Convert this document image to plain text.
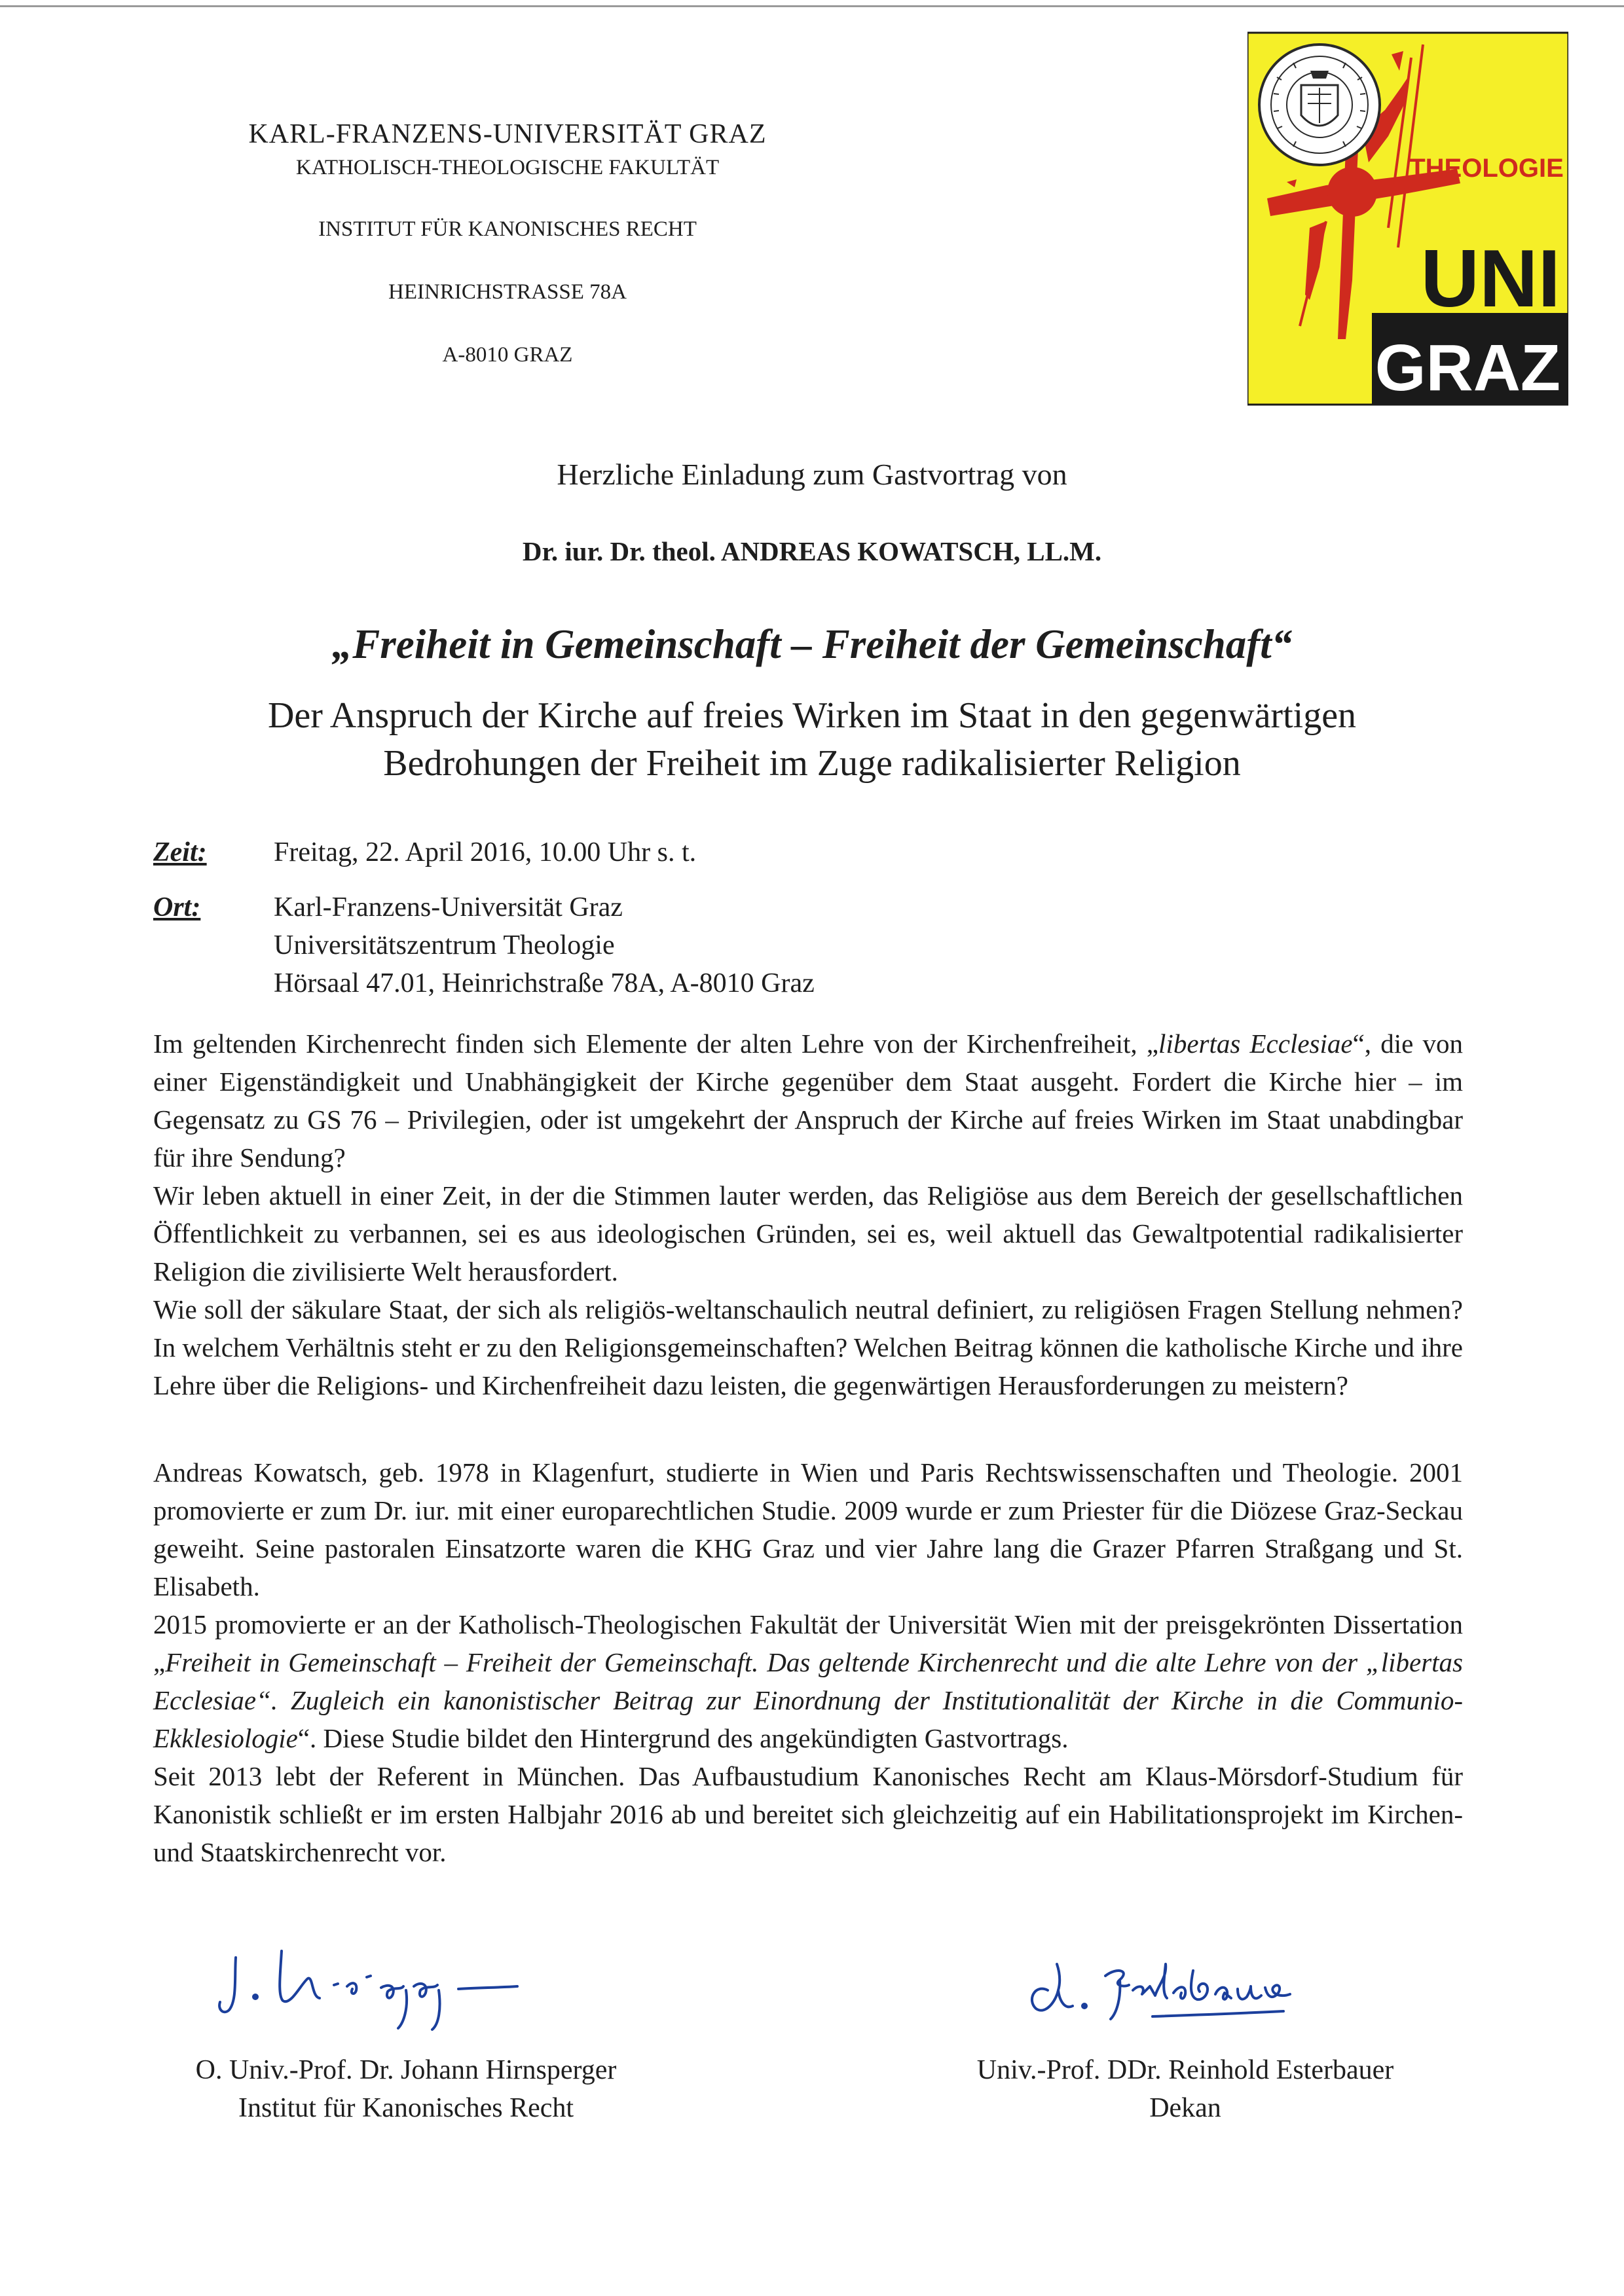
KARL-FRANZENS-UNIVERSITÄT GRAZ
KATHOLISCH-THEOLOGISCHE FAKULTÄT
INSTITUT FÜR KANONISCHES RECHT
HEINRICHSTRASSE 78A
A-8010 GRAZ
THEOLOGIE
UNI
GRAZ
Herzliche Einladung zum Gastvortrag von
Dr. iur. Dr. theol. ANDREAS KOWATSCH, LL.M.
„Freiheit in Gemeinschaft – Freiheit der Gemeinschaft“
Der Anspruch der Kirche auf freies Wirken im Staat in den gegenwärtigen
Bedrohungen der Freiheit im Zuge radikalisierter Religion
Zeit: Freitag, 22. April 2016, 10.00 Uhr s. t.
Ort:	Karl-Franzens-Universität Graz
Universitätszentrum Theologie
Hörsaal 47.01, Heinrichstraße 78A, A-8010 Graz

Im geltenden Kirchenrecht finden sich Elemente der alten Lehre von der Kirchenfreiheit, „libertas Ecclesiae“, die von einer Eigenständigkeit und Unabhängigkeit der Kirche gegenüber dem Staat ausgeht. Fordert die Kirche hier – im Gegensatz zu GS 76 – Privilegien, oder ist umgekehrt der Anspruch der Kirche auf freies Wirken im Staat unabdingbar für ihre Sendung?

Wir leben aktuell in einer Zeit, in der die Stimmen lauter werden, das Religiöse aus dem Bereich der gesellschaftlichen Öffentlichkeit zu verbannen, sei es aus ideologischen Gründen, sei es, weil aktuell das Gewaltpotential radikalisierter Religion die zivilisierte Welt herausfordert.

Wie soll der säkulare Staat, der sich als religiös-weltanschaulich neutral definiert, zu religiösen Fragen Stellung nehmen? In welchem Verhältnis steht er zu den Religionsgemeinschaften? Welchen Beitrag können die katholische Kirche und ihre Lehre über die Religions- und Kirchenfreiheit dazu leisten, die gegenwärtigen Herausforderungen zu meistern?

Andreas Kowatsch, geb. 1978 in Klagenfurt, studierte in Wien und Paris Rechtswissenschaften und Theologie. 2001 promovierte er zum Dr. iur. mit einer europarechtlichen Studie. 2009 wurde er zum Priester für die Diözese Graz-Seckau geweiht. Seine pastoralen Einsatzorte waren die KHG Graz und vier Jahre lang die Grazer Pfarren Straßgang und St. Elisabeth.

2015 promovierte er an der Katholisch-Theologischen Fakultät der Universität Wien mit der preisgekrönten Dissertation „Freiheit in Gemeinschaft – Freiheit der Gemeinschaft. Das geltende Kirchenrecht und die alte Lehre von der „libertas Ecclesiae“. Zugleich ein kanonistischer Beitrag zur Einordnung der Institutionalität der Kirche in die Communio-Ekklesiologie“. Diese Studie bildet den Hintergrund des angekündigten Gastvortrags.

Seit 2013 lebt der Referent in München. Das Aufbaustudium Kanonisches Recht am Klaus-Mörsdorf-Studium für Kanonistik schließt er im ersten Halbjahr 2016 ab und bereitet sich gleichzeitig auf ein Habilitationsprojekt im Kirchen- und Staatskirchenrecht vor.

O. Univ.-Prof. Dr. Johann Hirnsperger
Institut für Kanonisches Recht
Univ.-Prof. DDr. Reinhold Esterbauer
Dekan
